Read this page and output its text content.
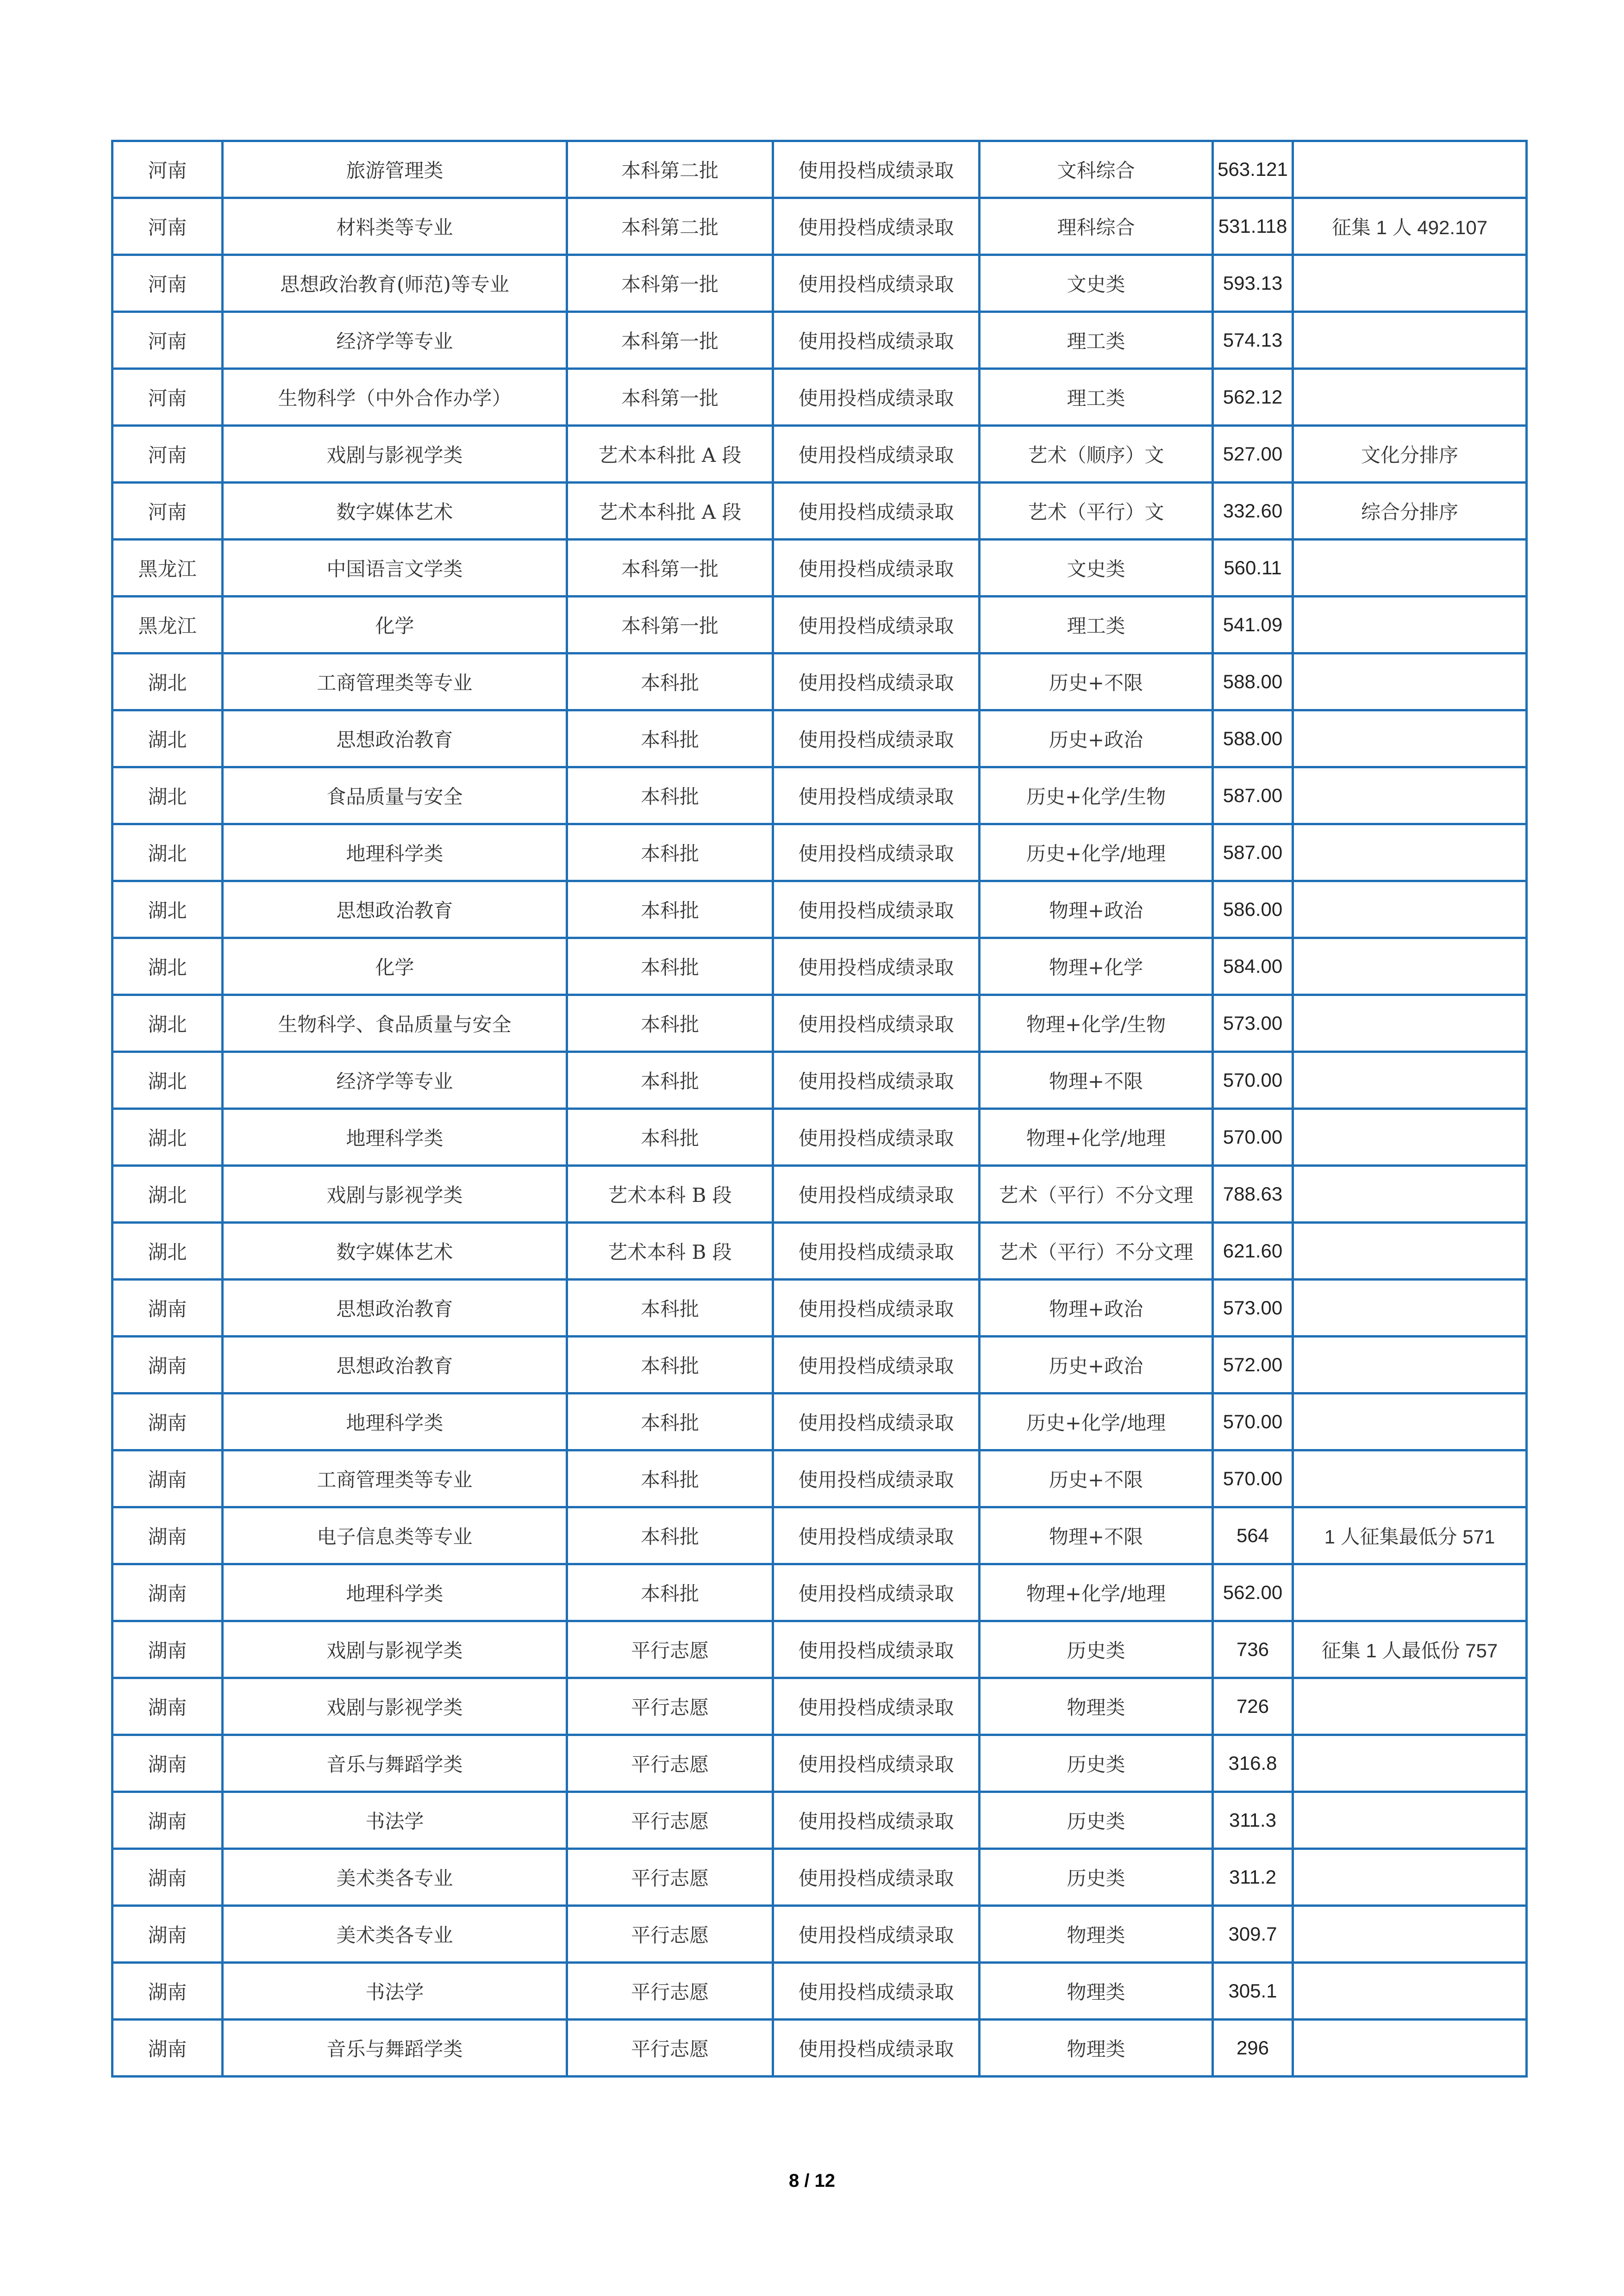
河南	旅游管理类	本科第二批	使用投档成绩录取	文科综合	563.121	
河南	材料类等专业	本科第二批	使用投档成绩录取	理科综合	531.118	征集 1 人 492.107
河南	思想政治教育(师范)等专业	本科第一批	使用投档成绩录取	文史类	593.13	
河南	经济学等专业	本科第一批	使用投档成绩录取	理工类	574.13	
河南	生物科学（中外合作办学）	本科第一批	使用投档成绩录取	理工类	562.12	
河南	戏剧与影视学类	艺术本科批 A 段	使用投档成绩录取	艺术（顺序）文	527.00	文化分排序
河南	数字媒体艺术	艺术本科批 A 段	使用投档成绩录取	艺术（平行）文	332.60	综合分排序
黑龙江	中国语言文学类	本科第一批	使用投档成绩录取	文史类	560.11	
黑龙江	化学	本科第一批	使用投档成绩录取	理工类	541.09	
湖北	工商管理类等专业	本科批	使用投档成绩录取	历史+不限	588.00	
湖北	思想政治教育	本科批	使用投档成绩录取	历史+政治	588.00	
湖北	食品质量与安全	本科批	使用投档成绩录取	历史+化学/生物	587.00	
湖北	地理科学类	本科批	使用投档成绩录取	历史+化学/地理	587.00	
湖北	思想政治教育	本科批	使用投档成绩录取	物理+政治	586.00	
湖北	化学	本科批	使用投档成绩录取	物理+化学	584.00	
湖北	生物科学、食品质量与安全	本科批	使用投档成绩录取	物理+化学/生物	573.00	
湖北	经济学等专业	本科批	使用投档成绩录取	物理+不限	570.00	
湖北	地理科学类	本科批	使用投档成绩录取	物理+化学/地理	570.00	
湖北	戏剧与影视学类	艺术本科 B 段	使用投档成绩录取	艺术（平行）不分文理	788.63	
湖北	数字媒体艺术	艺术本科 B 段	使用投档成绩录取	艺术（平行）不分文理	621.60	
湖南	思想政治教育	本科批	使用投档成绩录取	物理+政治	573.00	
湖南	思想政治教育	本科批	使用投档成绩录取	历史+政治	572.00	
湖南	地理科学类	本科批	使用投档成绩录取	历史+化学/地理	570.00	
湖南	工商管理类等专业	本科批	使用投档成绩录取	历史+不限	570.00	
湖南	电子信息类等专业	本科批	使用投档成绩录取	物理+不限	564	1 人征集最低分 571
湖南	地理科学类	本科批	使用投档成绩录取	物理+化学/地理	562.00	
湖南	戏剧与影视学类	平行志愿	使用投档成绩录取	历史类	736	征集 1 人最低份 757
湖南	戏剧与影视学类	平行志愿	使用投档成绩录取	物理类	726	
湖南	音乐与舞蹈学类	平行志愿	使用投档成绩录取	历史类	316.8	
湖南	书法学	平行志愿	使用投档成绩录取	历史类	311.3	
湖南	美术类各专业	平行志愿	使用投档成绩录取	历史类	311.2	
湖南	美术类各专业	平行志愿	使用投档成绩录取	物理类	309.7	
湖南	书法学	平行志愿	使用投档成绩录取	物理类	305.1	
湖南	音乐与舞蹈学类	平行志愿	使用投档成绩录取	物理类	296	
8 / 12
